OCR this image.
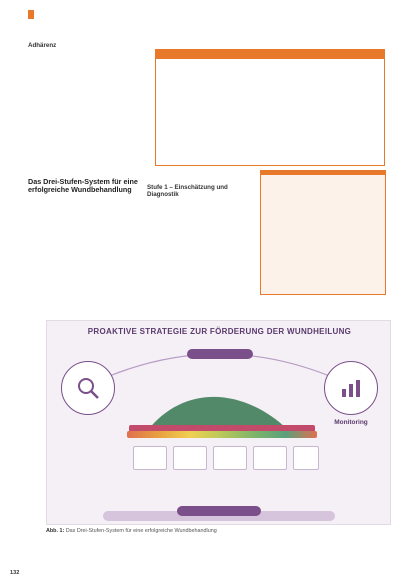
Adhärenz

Das Drei-Stufen-System für eine erfolgreiche Wundbehandlung	Stufe 1 – Einschätzung und Diagnostik

PROAKTIVE STRATEGIE ZUR FÖRDERUNG DER WUNDHEILUNG
Monitoring
Abb. 1: Das Drei-Stufen-System für eine erfolgreiche Wundbehandlung
132
